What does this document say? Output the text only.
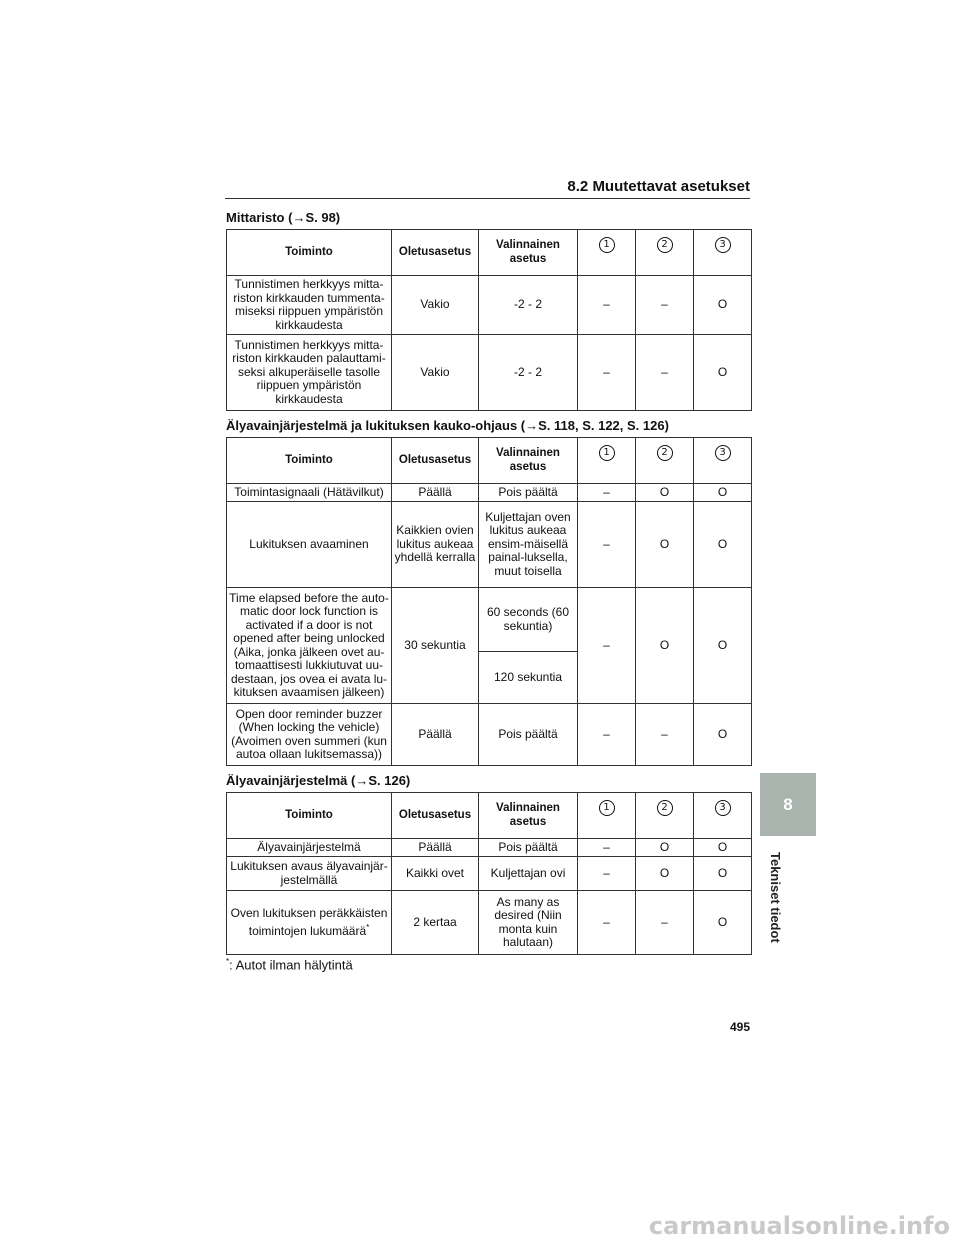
8.2 Muutettavat asetukset
Mittaristo (→S. 98)
Toiminto	Oletusasetus	Valinnainen asetus	1	2	3
Tunnistimen herkkyys mitta-riston kirkkauden tummenta-miseksi riippuen ympäristön kirkkaudesta	Vakio	-2 - 2	–	–	O
Tunnistimen herkkyys mitta-riston kirkkauden palauttami-seksi alkuperäiselle tasolle riippuen ympäristön kirkkaudesta	Vakio	-2 - 2	–	–	O
Älyavainjärjestelmä ja lukituksen kauko-ohjaus (→S. 118, S. 122, S. 126)
Toiminto	Oletusasetus	Valinnainen asetus	1	2	3
Toimintasignaali (Hätävilkut)	Päällä	Pois päältä	–	O	O
Lukituksen avaaminen	Kaikkien ovien lukitus aukeaa yhdellä kerralla	Kuljettajan oven lukitus aukeaa ensim-mäisellä painal-luksella, muut toisella	–	O	O
Time elapsed before the auto-matic door lock function is activated if a door is not opened after being unlocked (Aika, jonka jälkeen ovet au-tomaattisesti lukkiutuvat uu-destaan, jos ovea ei avata lu-kituksen avaamisen jälkeen)	30 sekuntia	60 seconds (60 sekuntia)	–	O	O
		120 sekuntia			
Open door reminder buzzer (When locking the vehicle) (Avoimen oven summeri (kun autoa ollaan lukitsemassa))	Päällä	Pois päältä	–	–	O
Älyavainjärjestelmä (→S. 126)
Toiminto	Oletusasetus	Valinnainen asetus	1	2	3
Älyavainjärjestelmä	Päällä	Pois päältä	–	O	O
Lukituksen avaus älyavainjär-jestelmällä	Kaikki ovet	Kuljettajan ovi	–	O	O
Oven lukituksen peräkkäisten toimintojen lukumäärä*	2 kertaa	As many as desired (Niin monta kuin halutaan)	–	–	O
*: Autot ilman hälytintä
495
8
Tekniset tiedot
carmanualsonline.info
